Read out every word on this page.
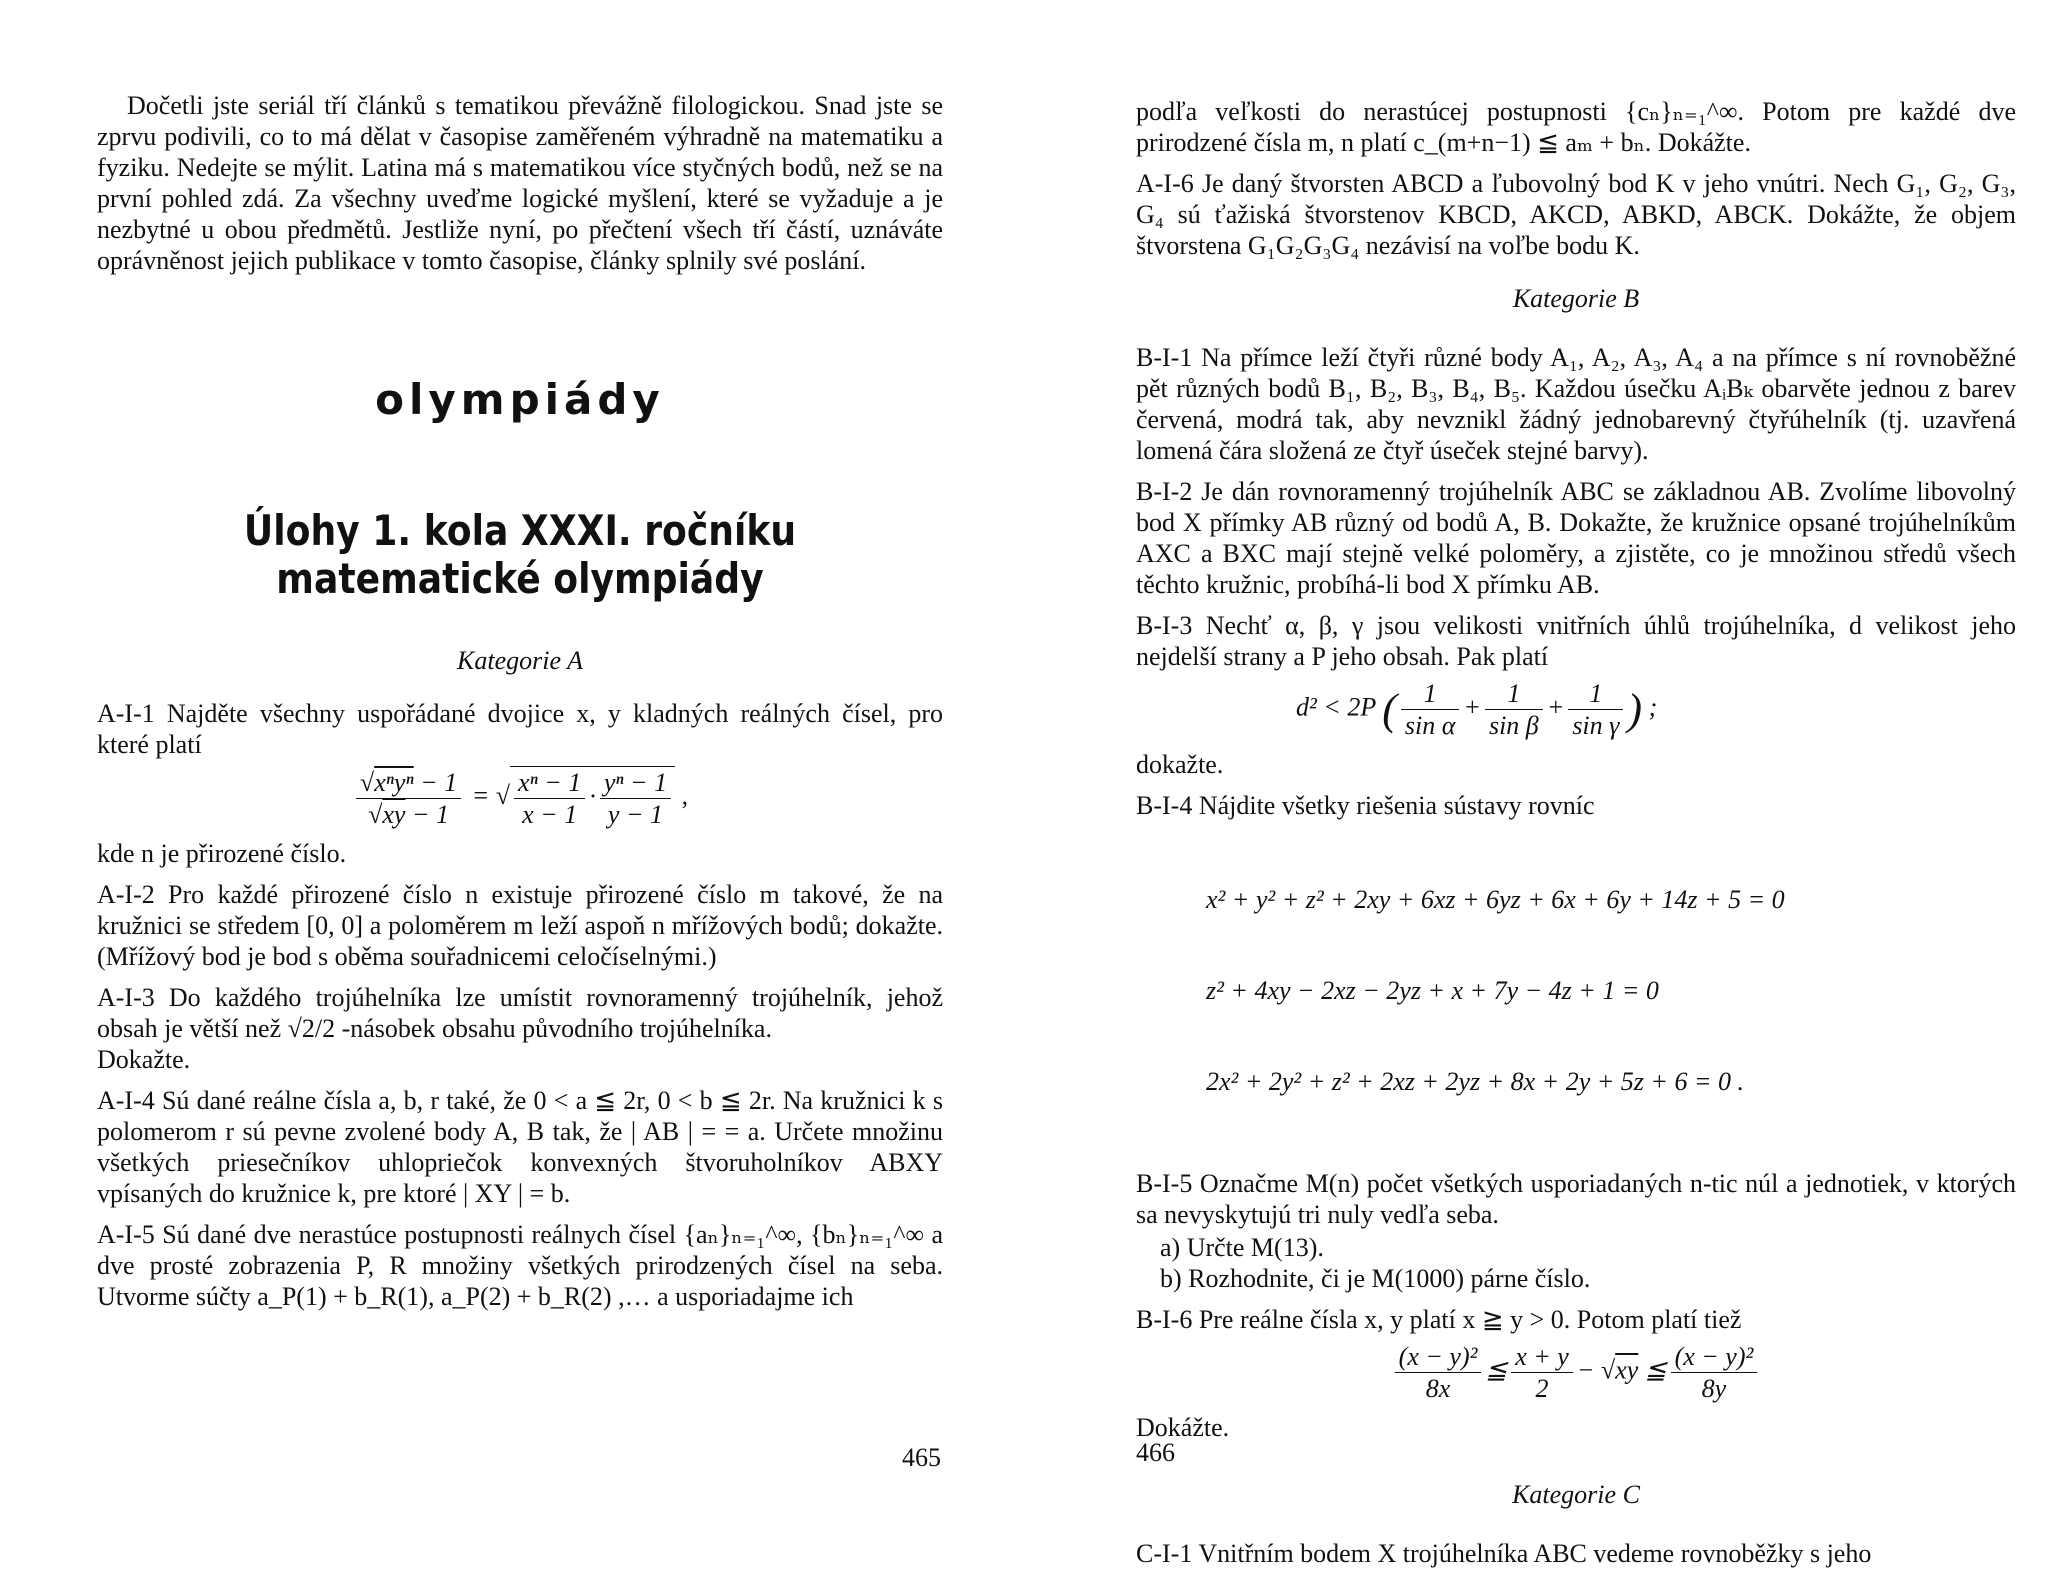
Dočetli jste seriál tří článků s tematikou převážně filologickou. Snad jste se zprvu podivili, co to má dělat v časopise zaměřeném výhradně na matematiku a fyziku. Nedejte se mýlit. Latina má s matematikou více styčných bodů, než se na první pohled zdá. Za všechny uveďme logické myšlení, které se vyžaduje a je nezbytné u obou předmětů. Jestliže nyní, po přečtení všech tří částí, uznáváte oprávněnost jejich publikace v tomto časopise, články splnily své poslání.

olympiády
Úlohy 1. kola XXXI. ročníku
matematické olympiády

Kategorie A

A-I-1 Najděte všechny uspořádané dvojice x, y kladných reálných čísel, pro které platí

$\frac{\text{√xⁿyⁿ − 1}}{√xy - 1}$ = √ $\frac{\text{xⁿ − 1}}{x - 1} \cdot \frac{\text{yⁿ − 1}}{y - 1}$ ,

kde n je přirozené číslo.

A-I-2 Pro každé přirozené číslo n existuje přirozené číslo m takové, že na kružnici se středem [0, 0] a poloměrem m leží aspoň n mřížových bodů; dokažte. (Mřížový bod je bod s oběma souřadnicemi celočíselnými.)

A-I-3 Do každého trojúhelníka lze umístit rovnoramenný trojúhelník, jehož obsah je větší než √2/2 -násobek obsahu původního trojúhelníka.

Dokažte.

A-I-4 Sú dané reálne čísla a, b, r také, že 0 < a ≦ 2r, 0 < b ≦ 2r. Na kružnici k s polomerom r sú pevne zvolené body A, B tak, že | AB | = = a. Určete množinu všetkých priesečníkov uhlopriečok konvexných štvoruholníkov ABXY vpísaných do kružnice k, pre ktoré | XY | = b.

A-I-5 Sú dané dve nerastúce postupnosti reálnych čísel {aₙ}ₙ₌₁^∞, {bₙ}ₙ₌₁^∞ a dve prosté zobrazenia P, R množiny všetkých prirodzených čísel na seba. Utvorme súčty a_P(1) + b_R(1), a_P(2) + b_R(2) ,… a usporiadajme ich

465

podľa veľkosti do nerastúcej postupnosti {cₙ}ₙ₌₁^∞. Potom pre každé dve prirodzené čísla m, n platí c_(m+n−1) ≦ aₘ + bₙ. Dokážte.

A-I-6 Je daný štvorsten ABCD a ľubovolný bod K v jeho vnútri. Nech G₁, G₂, G₃, G₄ sú ťažiská štvorstenov KBCD, AKCD, ABKD, ABCK. Dokážte, že objem štvorstena G₁G₂G₃G₄ nezávisí na voľbe bodu K.

Kategorie B

B-I-1 Na přímce leží čtyři různé body A₁, A₂, A₃, A₄ a na přímce s ní rovnoběžné pět různých bodů B₁, B₂, B₃, B₄, B₅. Každou úsečku AᵢBₖ obarvěte jednou z barev červená, modrá tak, aby nevznikl žádný jednobarevný čtyřúhelník (tj. uzavřená lomená čára složená ze čtyř úseček stejné barvy).

B-I-2 Je dán rovnoramenný trojúhelník ABC se základnou AB. Zvolíme libovolný bod X přímky AB různý od bodů A, B. Dokažte, že kružnice opsané trojúhelníkům AXC a BXC mají stejně velké poloměry, a zjistěte, co je množinou středů všech těchto kružnic, probíhá-li bod X přímku AB.

B-I-3 Nechť α, β, γ jsou velikosti vnitřních úhlů trojúhelníka, d velikost jeho nejdelší strany a P jeho obsah. Pak platí

d² < 2P ( $\frac{1}{\text{sin α}} + \frac{1}{\text{sin β}} + \frac{1}{\text{sin γ}}$ ) ;

dokažte.

B-I-4 Nájdite všetky riešenia sústavy rovníc

x² + y² + z² + 2xy + 6xz + 6yz + 6x + 6y + 14z + 5 = 0

z² + 4xy − 2xz − 2yz + x + 7y − 4z + 1 = 0

2x² + 2y² + z² + 2xz + 2yz + 8x + 2y + 5z + 6 = 0 .

B-I-5 Označme M(n) počet všetkých usporiadaných n-tic núl a jednotiek, v ktorých sa nevyskytujú tri nuly vedľa seba.

a) Určte M(13).

b) Rozhodnite, či je M(1000) párne číslo.

B-I-6 Pre reálne čísla x, y platí x ≧ y > 0. Potom platí tiež

$\frac{\text{(x − y)²}}{8x}$ ≦ $\frac{x + y}{2} - √xy$ ≦ $\frac{\text{(x − y)²}}{8y}$

Dokážte.

Kategorie C

C-I-1 Vnitřním bodem X trojúhelníka ABC vedeme rovnoběžky s jeho

466
